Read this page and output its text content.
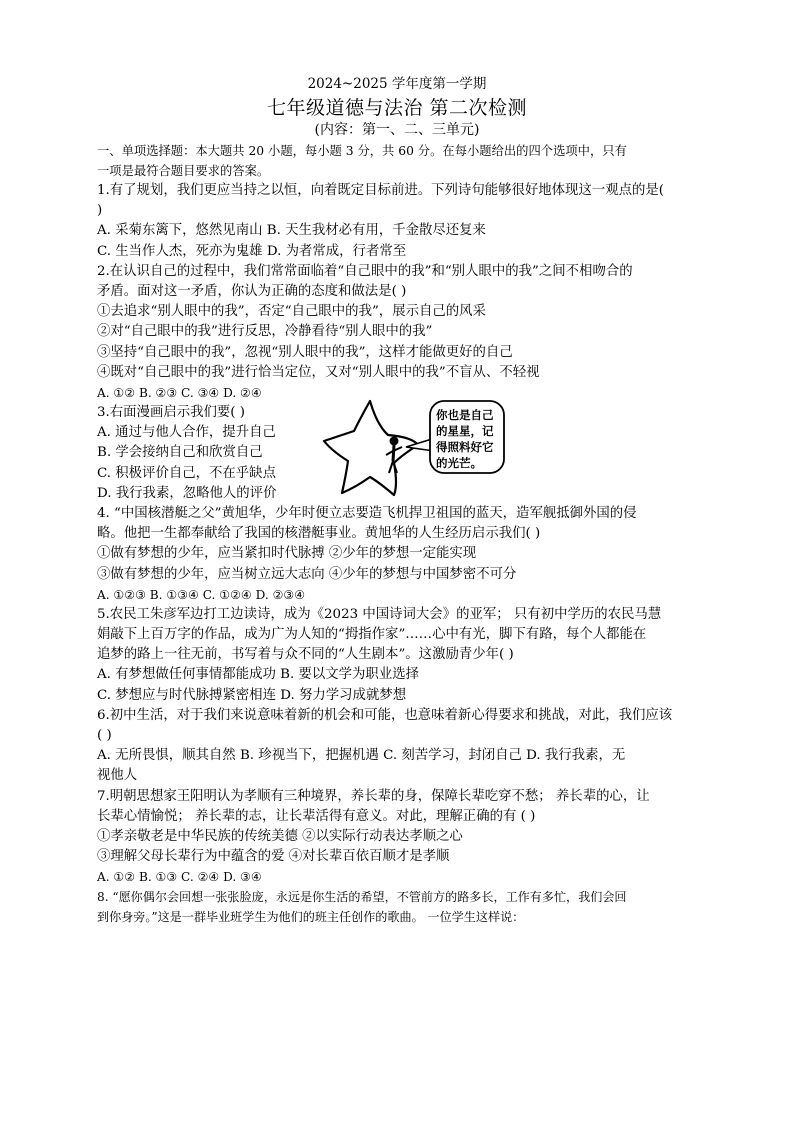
2024~2025 学年度第一学期
七年级道德与法治 第二次检测
(内容：第一、二、三单元)
一、单项选择题：本大题共 20 小题，每小题 3 分，共 60 分。在每小题给出的四个选项中，只有
一项是最符合题目要求的答案。
1.有了规划，我们更应当持之以恒，向着既定目标前进。下列诗句能够很好地体现这一观点的是(
)
A. 采菊东篱下，悠然见南山 B. 天生我材必有用，千金散尽还复来
C. 生当作人杰，死亦为鬼雄 D. 为者常成，行者常至
2.在认识自己的过程中，我们常常面临着“自己眼中的我”和“别人眼中的我”之间不相吻合的
矛盾。面对这一矛盾，你认为正确的态度和做法是( )
①去追求“别人眼中的我”，否定“自己眼中的我”，展示自己的风采
②对“自己眼中的我”进行反思，冷静看待“别人眼中的我”
③坚持“自己眼中的我”，忽视“别人眼中的我”，这样才能做更好的自己
④既对“自己眼中的我”进行恰当定位，又对“别人眼中的我”不盲从、不轻视
A. ①② B. ②③ C. ③④ D. ②④
3.右面漫画启示我们要( )
A. 通过与他人合作，提升自己
B. 学会接纳自己和欣赏自己
C. 积极评价自己，不在乎缺点
D. 我行我素，忽略他人的评价
你也是自己
的星星，记
得照料好它
的光芒。
4. “中国核潜艇之父”黄旭华，少年时便立志要造飞机捍卫祖国的蓝天，造军舰抵御外国的侵
略。他把一生都奉献给了我国的核潜艇事业。黄旭华的人生经历启示我们( )
①做有梦想的少年，应当紧扣时代脉搏 ②少年的梦想一定能实现
③做有梦想的少年，应当树立远大志向 ④少年的梦想与中国梦密不可分
A. ①②③ B. ①③④ C. ①②④ D. ②③④
5.农民工朱彦军边打工边读诗，成为《2023 中国诗词大会》的亚军； 只有初中学历的农民马慧
娟敲下上百万字的作品，成为广为人知的“拇指作家”……心中有光，脚下有路，每个人都能在
追梦的路上一往无前，书写着与众不同的“人生剧本”。这激励青少年( )
A. 有梦想做任何事情都能成功 B. 要以文学为职业选择
C. 梦想应与时代脉搏紧密相连 D. 努力学习成就梦想
6.初中生活，对于我们来说意味着新的机会和可能，也意味着新心得要求和挑战，对此，我们应该
( )
A. 无所畏惧，顺其自然 B. 珍视当下，把握机遇 C. 刻苦学习，封闭自己 D. 我行我素，无
视他人
7.明朝思想家王阳明认为孝顺有三种境界，养长辈的身，保障长辈吃穿不愁； 养长辈的心，让
长辈心情愉悦； 养长辈的志，让长辈活得有意义。对此，理解正确的有 ( )
①孝亲敬老是中华民族的传统美德 ②以实际行动表达孝顺之心
③理解父母长辈行为中蕴含的爱 ④对长辈百依百顺才是孝顺
A. ①② B. ①③ C. ②④ D. ③④
8. “愿你偶尔会回想一张张脸庞，永远是你生活的希望，不管前方的路多长，工作有多忙，我们会回
到你身旁。”这是一群毕业班学生为他们的班主任创作的歌曲。 一位学生这样说：
